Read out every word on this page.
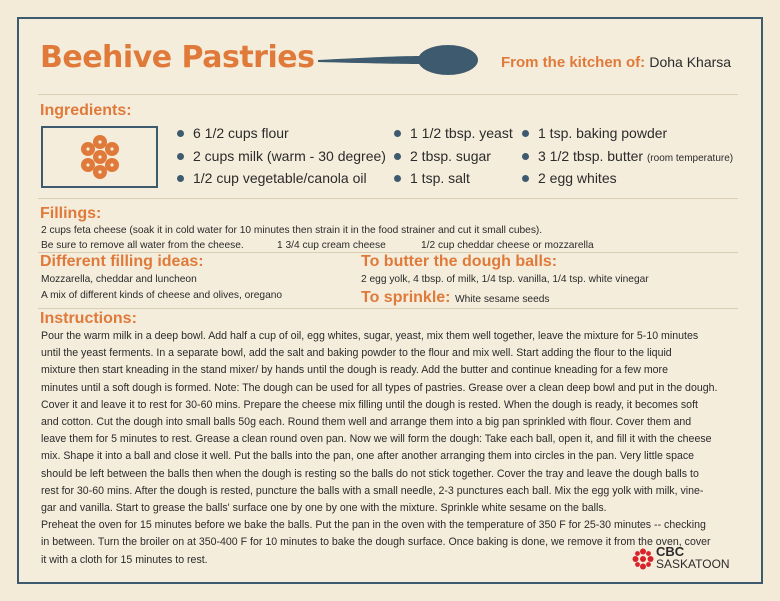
Beehive Pastries	From the kitchen of: Doha Kharsa
Ingredients:
6 1/2 cups flour
2 cups milk (warm - 30 degree)
1/2 cup vegetable/canola oil
1 1/2 tbsp. yeast
2 tbsp. sugar
1 tsp. salt
1 tsp. baking powder
3 1/2 tbsp. butter (room temperature)
2 egg whites
Fillings:
2 cups feta cheese (soak it in cold water for 10 minutes then strain it in the food strainer and cut it small cubes).
Be sure to remove all water from the cheese.	1 3/4 cup cream cheese	1/2 cup cheddar cheese or mozzarella
Different filling ideas:
Mozzarella, cheddar and luncheon
A mix of different kinds of cheese and olives, oregano
To butter the dough balls:
2 egg yolk, 4 tbsp. of milk, 1/4 tsp. vanilla, 1/4 tsp. white vinegar
To sprinkle: White sesame seeds
Instructions:
Pour the warm milk in a deep bowl. Add half a cup of oil, egg whites, sugar, yeast, mix them well together, leave the mixture for 5-10 minutes
until the yeast ferments. In a separate bowl, add the salt and baking powder to the flour and mix well. Start adding the flour to the liquid
mixture then start kneading in the stand mixer/ by hands until the dough is ready. Add the butter and continue kneading for a few more
minutes until a soft dough is formed. Note: The dough can be used for all types of pastries. Grease over a clean deep bowl and put in the dough.
Cover it and leave it to rest for 30-60 mins. Prepare the cheese mix filling until the dough is rested. When the dough is ready, it becomes soft
and cotton. Cut the dough into small balls 50g each. Round them well and arrange them into a big pan sprinkled with flour. Cover them and
leave them for 5 minutes to rest. Grease a clean round oven pan. Now we will form the dough: Take each ball, open it, and fill it with the cheese
mix. Shape it into a ball and close it well. Put the balls into the pan, one after another arranging them into circles in the pan. Very little space
should be left between the balls then when the dough is resting so the balls do not stick together. Cover the tray and leave the dough balls to
rest for 30-60 mins. After the dough is rested, puncture the balls with a small needle, 2-3 punctures each ball. Mix the egg yolk with milk, vine-
gar and vanilla. Start to grease the balls' surface one by one by one with the mixture. Sprinkle white sesame on the balls.
Preheat the oven for 15 minutes before we bake the balls. Put the pan in the oven with the temperature of 350 F for 25-30 minutes -- checking
in between. Turn the broiler on at 350-400 F for 10 minutes to bake the dough surface. Once baking is done, we remove it from the oven, cover
it with a cloth for 15 minutes to rest.
CBC
SASKATOON
